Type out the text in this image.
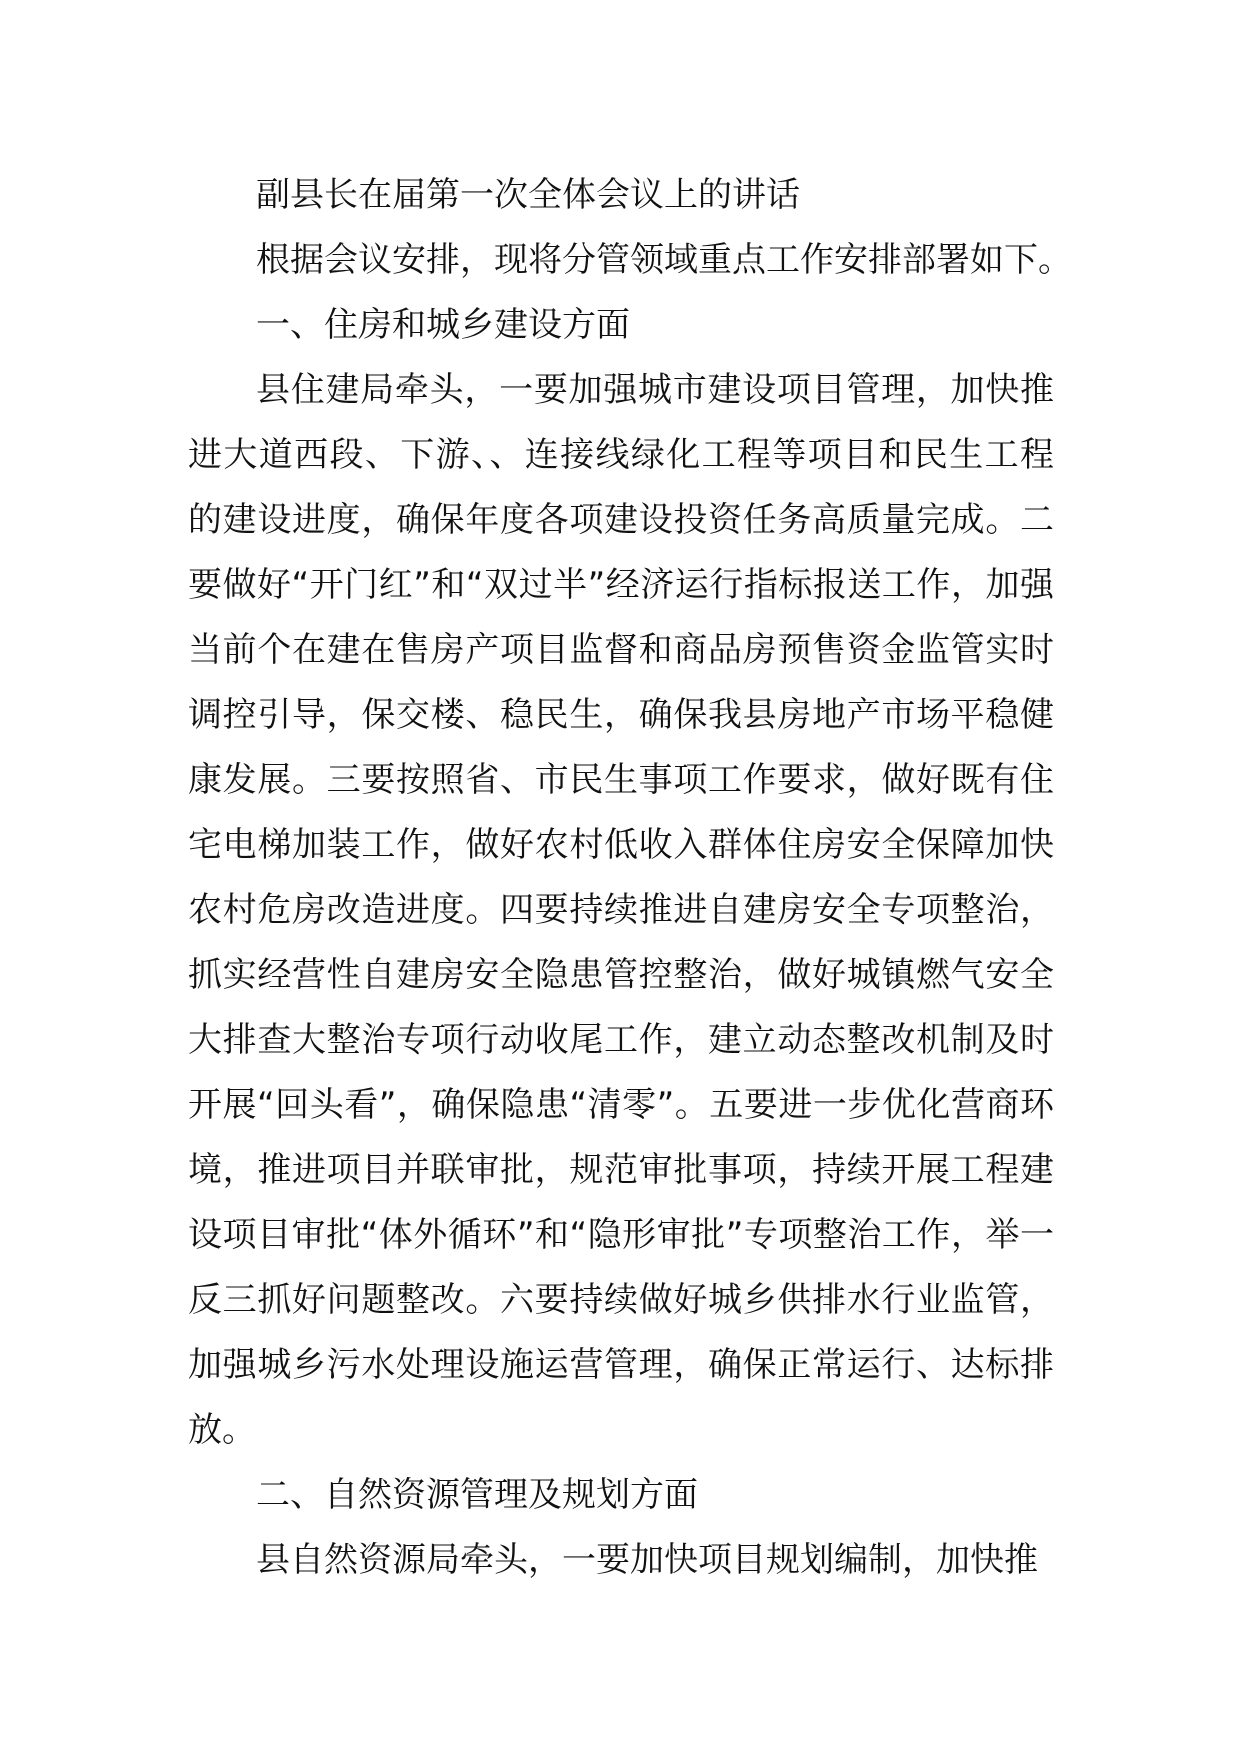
副县长在届第一次全体会议上的讲话

根据会议安排，现将分管领域重点工作安排部署如下。

一、住房和城乡建设方面

县住建局牵头，一要加强城市建设项目管理，加快推进大道西段、下游、、连接线绿化工程等项目和民生工程的建设进度，确保年度各项建设投资任务高质量完成。二要做好“开门红”和“双过半”经济运行指标报送工作，加强当前个在建在售房产项目监督和商品房预售资金监管实时调控引导，保交楼、稳民生，确保我县房地产市场平稳健康发展。三要按照省、市民生事项工作要求，做好既有住宅电梯加装工作，做好农村低收入群体住房安全保障加快农村危房改造进度。四要持续推进自建房安全专项整治，抓实经营性自建房安全隐患管控整治，做好城镇燃气安全大排查大整治专项行动收尾工作，建立动态整改机制及时开展“回头看”，确保隐患“清零”。五要进一步优化营商环境，推进项目并联审批，规范审批事项，持续开展工程建设项目审批“体外循环”和“隐形审批”专项整治工作，举一反三抓好问题整改。六要持续做好城乡供排水行业监管，加强城乡污水处理设施运营管理，确保正常运行、达标排放。

二、自然资源管理及规划方面

县自然资源局牵头，一要加快项目规划编制，加快推
